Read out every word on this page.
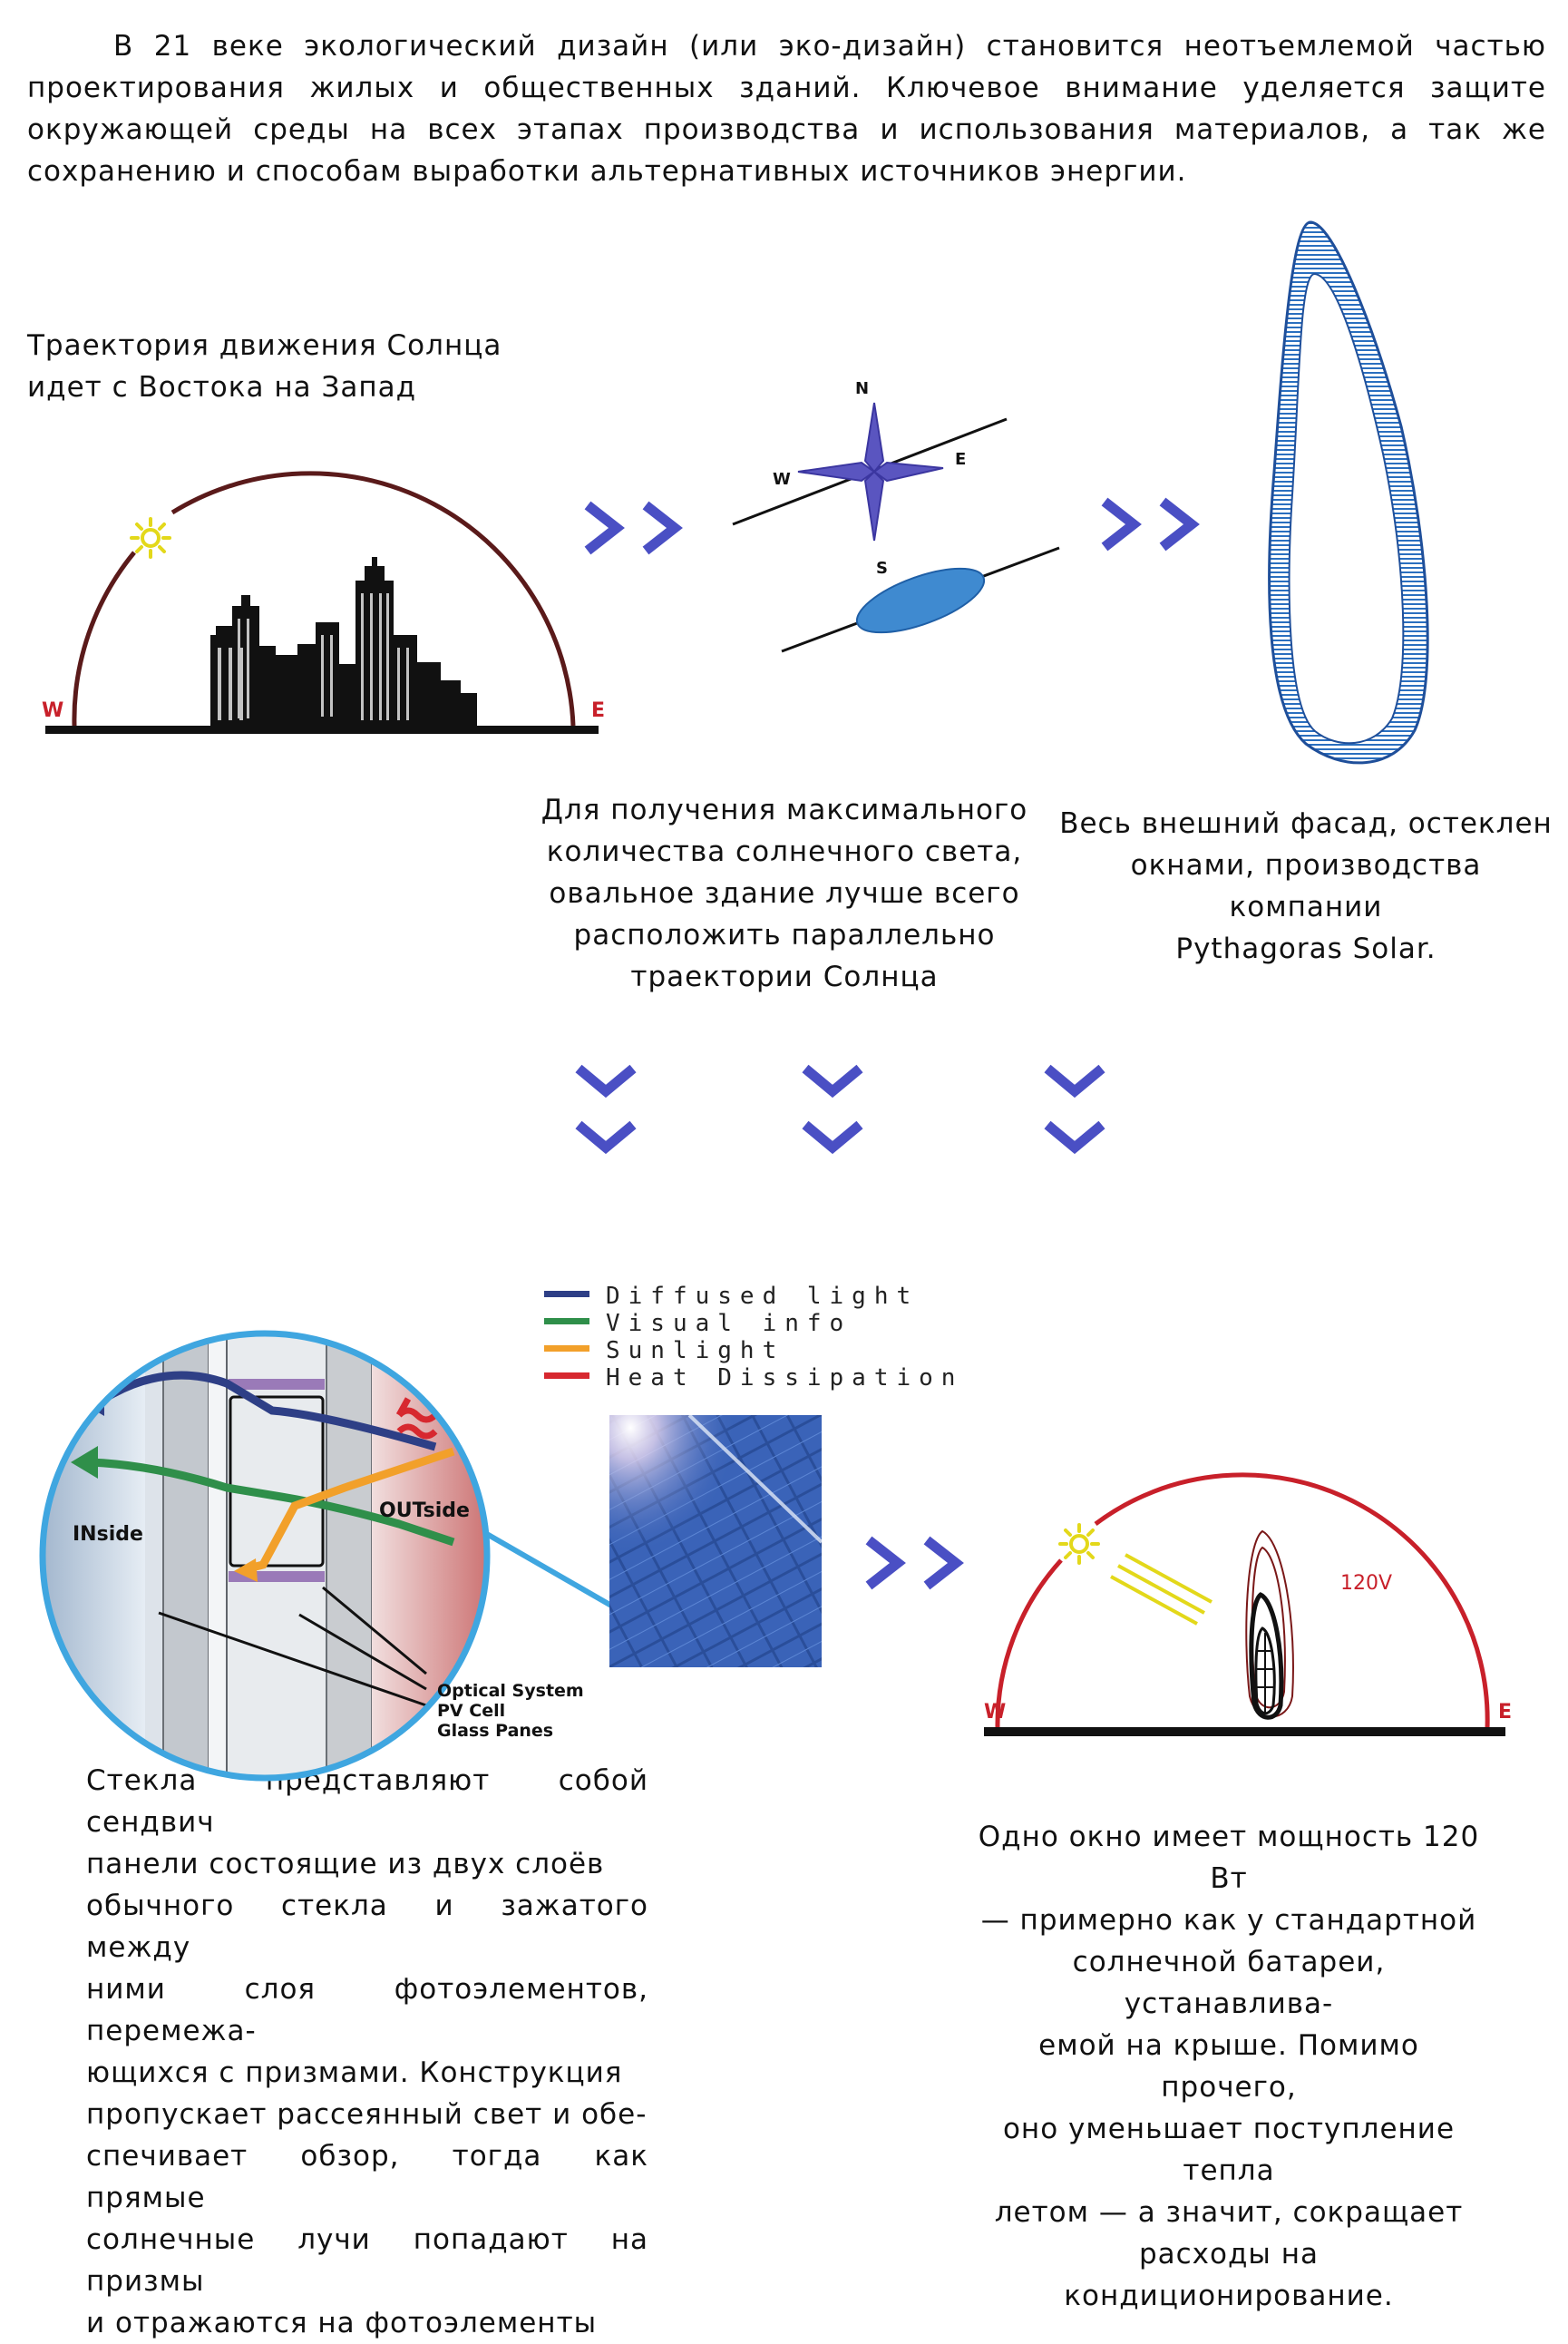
В 21 веке экологический дизайн (или эко-дизайн) становится неотъемлемой частью проектирования жилых и общественных зданий. Ключевое внимание уделяется защите окружающей среды на всех этапах производства и использования материалов, а так же сохранению и способам выработки альтернативных источников энергии.
Траектория движения Солнца
идет с Востока на Запад
Для получения максимального
количества солнечного света,
овальное здание лучше всего
расположить параллельно
траектории Солнца
Весь внешний фасад, остеклен
окнами, производства компании
Pythagoras Solar.
Стекла представляют собой сендвич
панели состоящие из двух слоёв
обычного стекла и зажатого между
ними слоя фотоэлементов, перемежа-
ющихся с призмами. Конструкция
пропускает рассеянный свет и обе-
спечивает обзор, тогда как прямые
солнечные лучи попадают на призмы
и отражаются на фотоэлементы
Одно окно имеет мощность 120 Вт
— примерно как у стандартной
солнечной батареи, устанавлива-
емой на крыше. Помимо прочего,
оно уменьшает поступление тепла
летом — а значит, сокращает
расходы на кондиционирование.
W	E
N
E
S
W
Diffused light
Visual info
Sunlight
Heat Dissipation
INside
OUTside
Optical System
PV Cell
Glass Panes
W	E
120V
